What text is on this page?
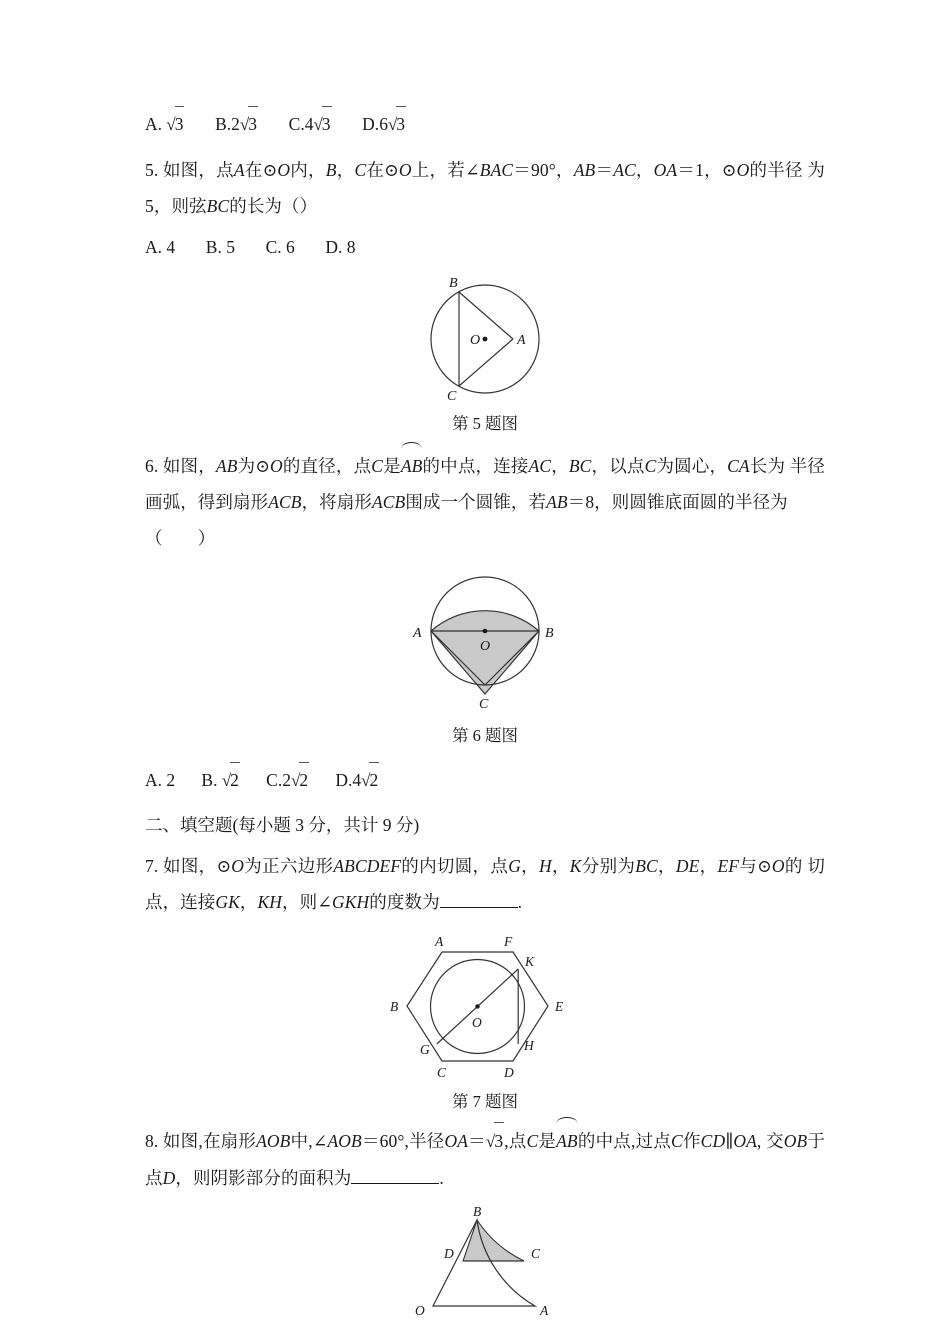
A. √3 B.2√3 C.4√3 D.6√3
5. 如图，点A在⊙O内，B，C在⊙O上，若∠BAC＝90°，AB＝AC，OA＝1，⊙O的半径 为 5，则弦BC的长为（）
A. 4 B. 5 C. 6 D. 8
B
C
O	A
第 5 题图
6. 如图，AB为⊙O的直径，点C是
AB的中点，连接AC，BC，以点C为圆心，CA长为 半径画弧，得到扇形ACB，将扇形ACB围成一个圆锥，若AB＝8，则圆锥底面圆的半径为
（　　）
A
O
B
C
第 6 题图
A. 2 B. √2 C.2√2 D.4√2
二、填空题(每小题 3 分，共计 9 分)
7. 如图，⊙O为正六边形ABCDEF的内切圆，点G，H，K分别为BC，DE，EF与⊙O的 切点，连接GK，KH，则∠GKH的度数为	.
A	F
K
B	E
O
G	H
C	D
第 7 题图
8. 如图,在扇形AOB中,∠AOB＝60°,半径OA＝√3,点C是
AB的中点,过点C作CD∥OA, 交OB于点D，则阴影部分的面积为	.
B
D	C
O	A
